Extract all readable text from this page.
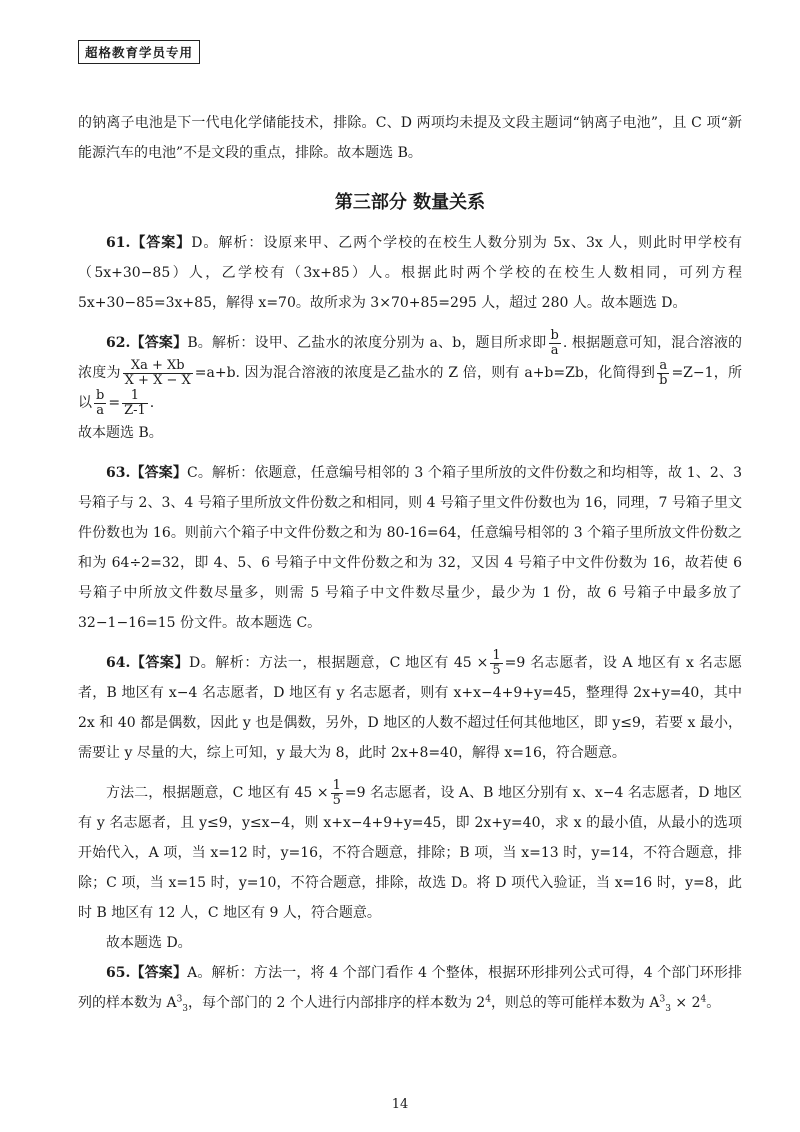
超格教育学员专用

的钠离子电池是下一代电化学储能技术，排除。C、D 两项均未提及文段主题词“钠离子电池”，且 C 项“新能源汽车的电池”不是文段的重点，排除。故本题选 B。

第三部分 数量关系

61.【答案】D。解析：设原来甲、乙两个学校的在校生人数分别为 5x、3x 人，则此时甲学校有（5x+30−85）人，乙学校有（3x+85）人。根据此时两个学校的在校生人数相同，可列方程 5x+30−85=3x+85，解得 x=70。故所求为 3×70+85=295 人，超过 280 人。故本题选 D。

62.【答案】B。解析：设甲、乙盐水的浓度分别为 a、b，题目所求即 $\frac{b}{a}$ . 根据题意可知，混合溶液的浓度为 $\frac{Xa + Xb}{X + X - X} =a+b$. 因为混合溶液的浓度是乙盐水的 Z 倍，则有 a+b=Zb，化简得到 $\frac{a}{b} =Z-1$，所以 $\frac{b}{a} = \frac{1}{Z-1}$ .

故本题选 B。

63.【答案】C。解析：依题意，任意编号相邻的 3 个箱子里所放的文件份数之和均相等，故 1、2、3 号箱子与 2、3、4 号箱子里所放文件份数之和相同，则 4 号箱子里文件份数也为 16，同理，7 号箱子里文件份数也为 16。则前六个箱子中文件份数之和为 80-16=64，任意编号相邻的 3 个箱子里所放文件份数之和为 64÷2=32，即 4、5、6 号箱子中文件份数之和为 32，又因 4 号箱子中文件份数为 16，故若使 6 号箱子中所放文件数尽量多，则需 5 号箱子中文件数尽量少，最少为 1 份，故 6 号箱子中最多放了 32−1−16=15 份文件。故本题选 C。

64.【答案】D。解析：方法一，根据题意，C 地区有 $45 \times \frac{1}{5} =9$ 名志愿者，设 A 地区有 x 名志愿者，B 地区有 x−4 名志愿者，D 地区有 y 名志愿者，则有 x+x−4+9+y=45，整理得 2x+y=40，其中 2x 和 40 都是偶数，因此 y 也是偶数，另外，D 地区的人数不超过任何其他地区，即 y≤9，若要 x 最小，需要让 y 尽量的大，综上可知，y 最大为 8，此时 2x+8=40，解得 x=16，符合题意。

方法二，根据题意，C 地区有 $45 \times \frac{1}{5} =9$ 名志愿者，设 A、B 地区分别有 x、x−4 名志愿者，D 地区有 y 名志愿者，且 y≤9，y≤x−4，则 x+x−4+9+y=45，即 2x+y=40，求 x 的最小值，从最小的选项开始代入，A 项，当 x=12 时，y=16，不符合题意，排除；B 项，当 x=13 时，y=14，不符合题意，排除；C 项，当 x=15 时，y=10，不符合题意，排除，故选 D。将 D 项代入验证，当 x=16 时，y=8，此时 B 地区有 12 人，C 地区有 9 人，符合题意。

故本题选 D。

65.【答案】A。解析：方法一，将 4 个部门看作 4 个整体，根据环形排列公式可得，4 个部门环形排列的样本数为 $A^3_3$，每个部门的 2 个人进行内部排序的样本数为 $2^4$，则总的等可能样本数为 $A^3_3 \times 2^4$。

14
